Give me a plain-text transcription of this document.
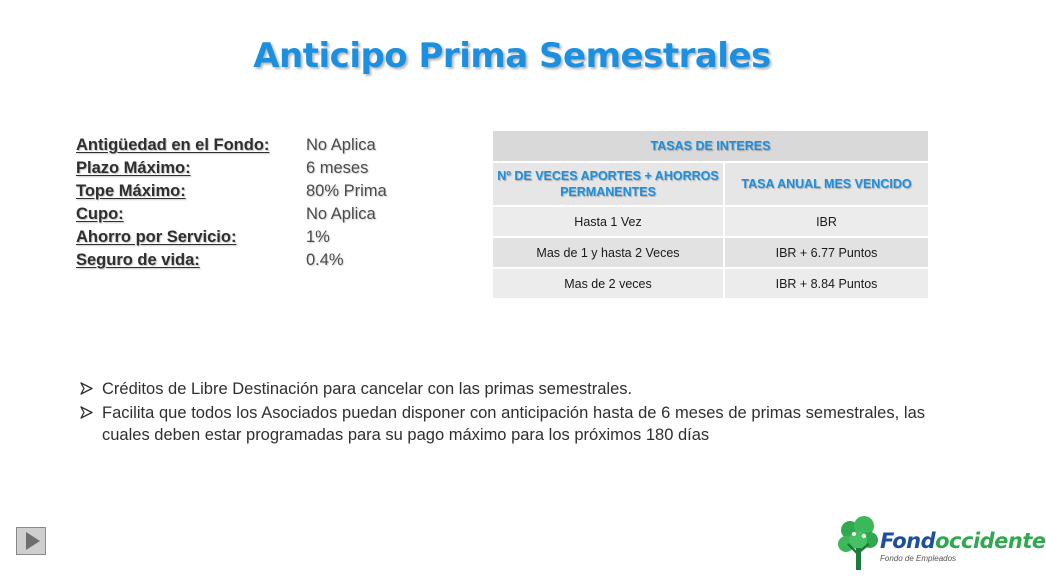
Anticipo Prima Semestrales
Antigüedad en el Fondo:	No Aplica
Plazo Máximo:	6 meses
Tope Máximo:	80% Prima
Cupo:	No Aplica
Ahorro por Servicio:	1%
Seguro de vida:	0.4%
TASAS DE INTERES	
Nº DE VECES APORTES + AHORROS PERMANENTES	TASA ANUAL MES VENCIDO
Hasta 1 Vez	IBR
Mas de 1 y hasta 2 Veces	IBR + 6.77 Puntos
Mas de 2 veces	IBR + 8.84 Puntos
Créditos de Libre Destinación para cancelar con las primas semestrales.
Facilita que todos los Asociados puedan disponer con anticipación hasta de 6 meses de primas semestrales, las cuales deben estar programadas para su pago máximo para los próximos 180 días
Fondoccidente
Fondo de Empleados
